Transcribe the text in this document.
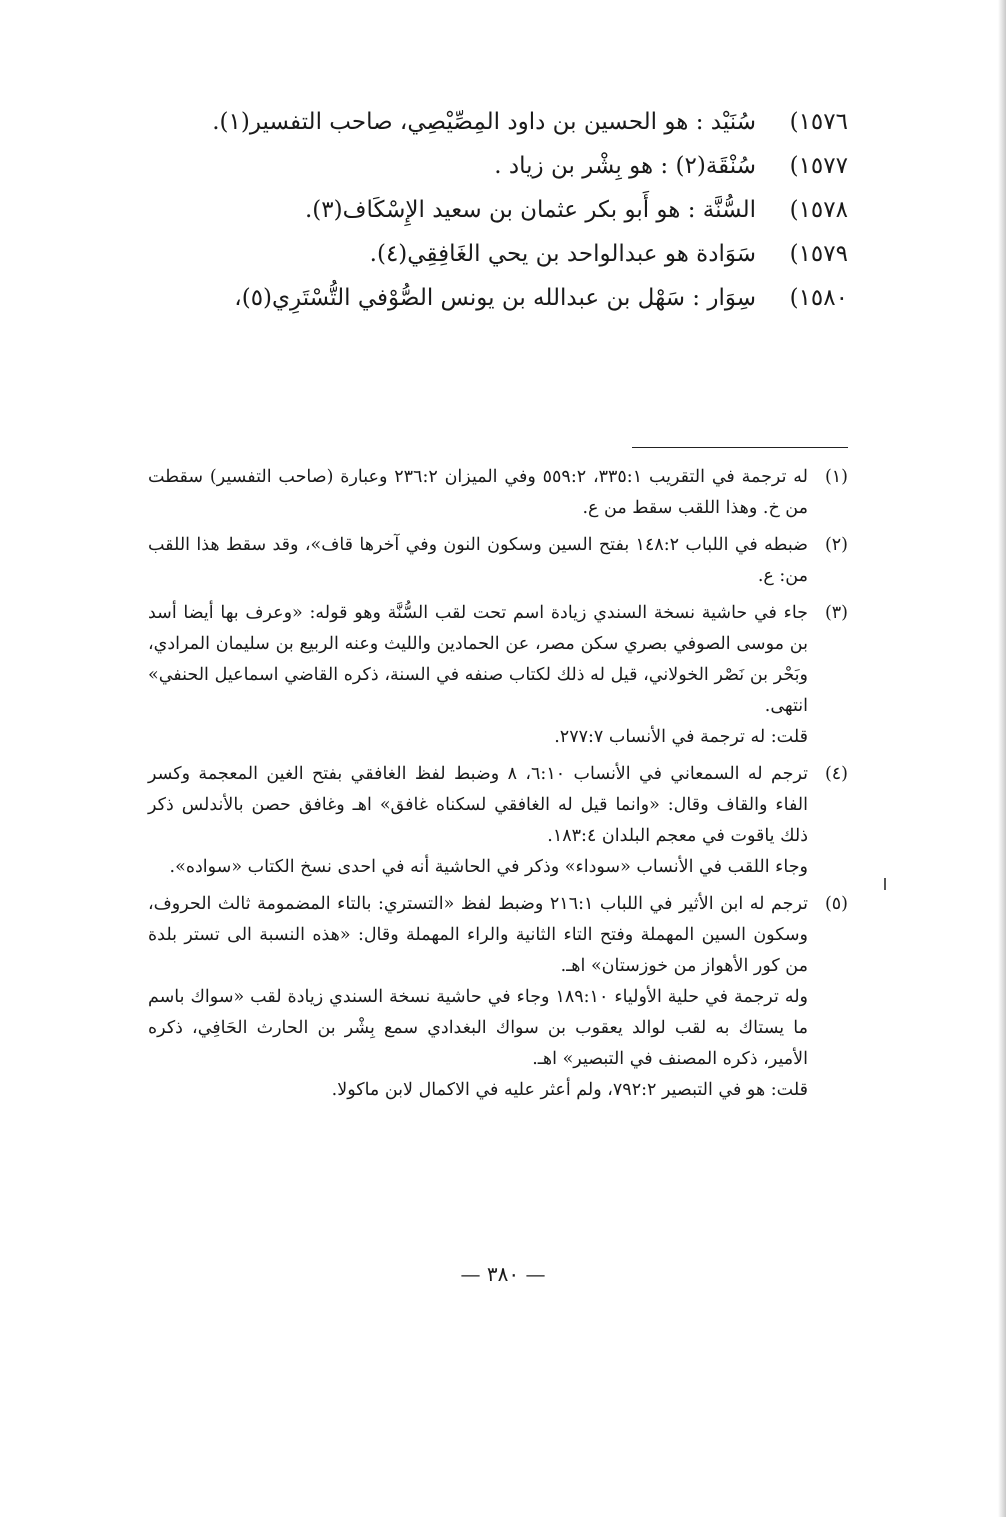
١٥٧٦)
سُنَيْد : هو الحسين بن داود المِصِّيْصِي، صاحب التفسير(١).
١٥٧٧)
سُنْقَة(٢) : هو بِشْر بن زياد .
١٥٧٨)
السُّنَّة : هو أَبو بكر عثمان بن سعيد الإِسْكَاف(٣).
١٥٧٩)
سَوَادة هو عبدالواحد بن يحي الغَافِقِي(٤).
١٥٨٠)
سِوَار : سَهْل بن عبدالله بن يونس الصُّوْفي التُّسْتَرِي(٥)،
(١)

له ترجمة في التقريب ٣٣٥:١، ٥٥٩:٢ وفي الميزان ٢٣٦:٢ وعبارة (صاحب التفسير) سقطت من خ. وهذا اللقب سقط من ع.

(٢)

ضبطه في اللباب ١٤٨:٢ بفتح السين وسكون النون وفي آخرها قاف»، وقد سقط هذا اللقب من: ع.

(٣)

جاء في حاشية نسخة السندي زيادة اسم تحت لقب السُّنَّة وهو قوله: «وعرف بها أيضا أسد بن موسى الصوفي بصري سكن مصر، عن الحمادين والليث وعنه الربيع بن سليمان المرادي، وبَحْر بن نَصْر الخولاني، قيل له ذلك لكتاب صنفه في السنة، ذكره القاضي اسماعيل الحنفي» انتهى.

قلت: له ترجمة في الأنساب ٢٧٧:٧.

(٤)

ترجم له السمعاني في الأنساب ٦:١٠، ٨ وضبط لفظ الغافقي بفتح الغين المعجمة وكسر الفاء والقاف وقال: «وانما قيل له الغافقي لسكناه غافق» اهـ وغافق حصن بالأندلس ذكر ذلك ياقوت في معجم البلدان ١٨٣:٤.

وجاء اللقب في الأنساب «سوداء» وذكر في الحاشية أنه في احدى نسخ الكتاب «سواده».

(٥)

ترجم له ابن الأثير في اللباب ٢١٦:١ وضبط لفظ «التستري: بالتاء المضمومة ثالث الحروف، وسكون السين المهملة وفتح التاء الثانية والراء المهملة وقال: «هذه النسبة الى تستر بلدة من كور الأهواز من خوزستان» اهـ.

وله ترجمة في حلية الأولياء ١٨٩:١٠ وجاء في حاشية نسخة السندي زيادة لقب «سواك باسم ما يستاك به لقب لوالد يعقوب بن سواك البغدادي سمع بِشْر بن الحارث الحَافِي، ذكره الأمير، ذكره المصنف في التبصير» اهـ.

قلت: هو في التبصير ٧٩٢:٢، ولم أعثر عليه في الاكمال لابن ماكولا.

— ٣٨٠ —
